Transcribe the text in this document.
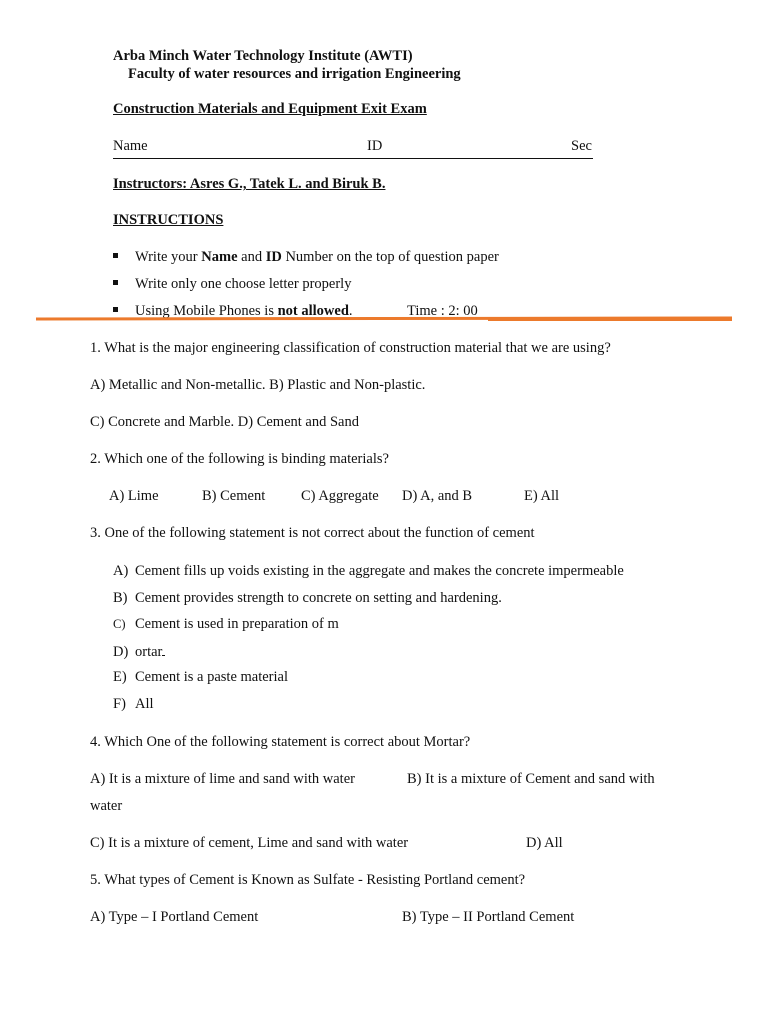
Arba Minch Water Technology Institute (AWTI)
Faculty of water resources and irrigation Engineering
Construction Materials and Equipment Exit Exam
Name	ID	Sec
Instructors: Asres G., Tatek L. and Biruk B.
INSTRUCTIONS
Write your Name and ID Number on the top of question paper
Write only one choose letter properly
Using Mobile Phones is not allowed.	Time : 2: 00
1. What is the major engineering classification of construction material that we are using?
A) Metallic and Non-metallic. B) Plastic and Non-plastic.
C) Concrete and Marble. D) Cement and Sand
2. Which one of the following is binding materials?
A) Lime	B) Cement C) Aggregate D) A, and B	E) All
3. One of the following statement is not correct about the function of cement
A) Cement fills up voids existing in the aggregate and makes the concrete impermeable
B) Cement provides strength to concrete on setting and hardening.
C) Cement is used in preparation of m
D) ortar
E) Cement is a paste material
F) All
4. Which One of the following statement is correct about Mortar?
A) It is a mixture of lime and sand with water	B) It is a mixture of Cement and sand with
water
C) It is a mixture of cement, Lime and sand with water	D) All
5. What types of Cement is Known as Sulfate - Resisting Portland cement?
A) Type – I Portland Cement	B) Type – II Portland Cement
